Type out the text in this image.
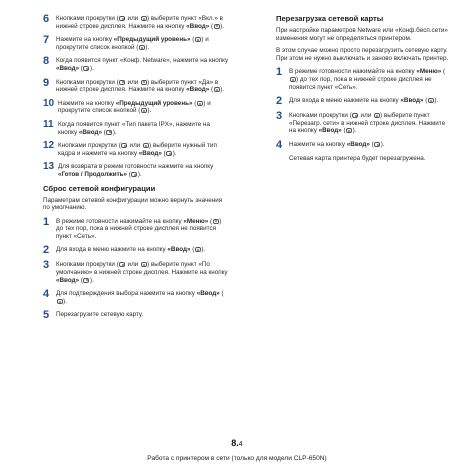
6	Кнопками прокрутки ( или ) выберите пункт «Вкл.» в нижней строке дисплея. Нажмите на кнопку «Ввод» ( ).
7	Нажмите на кнопку «Предыдущий уровень» ( ) и прокрутите список кнопкой ( ).
8	Когда появится пункт «Конф. Netware», нажмите на кнопку «Ввод» ( ).
9	Кнопками прокрутки ( или ) выберите пункт «Да» в нижней строке дисплея. Нажмите на кнопку «Ввод» ( ).
10 Нажмите на кнопку «Предыдущий уровень» ( ) и прокрутите список кнопкой ( ).
11 Когда появится пункт «Тип пакета IPX», нажмите на кнопку «Ввод» ( ).
12 Кнопками прокрутки ( или ) выберите нужный тип кадра и нажмите на кнопку «Ввод» ( ).
13 Для возврата в режим готовности нажмите на кнопку «Готов / Продолжить» ( ).
Сброс сетевой конфигурации
Параметрам сетевой конфигурации можно вернуть значения по умолчанию.
1	В режиме готовности нажимайте на кнопку «Меню» ( ) до тех пор, пока в нижней строке дисплея не появится пункт «Сеть».
2	Для входа в меню нажмите на кнопку «Ввод» ( ).
3	Кнопками прокрутки ( или ) выберите пункт «По умолчанию» в нижней строке дисплея. Нажмите на кнопку «Ввод» ( ).
4	Для подтверждения выбора нажмите на кнопку «Ввод» ().
5	Перезагрузите сетевую карту.
Перезагрузка сетевой карты
При настройке параметров Netware или «Конф.бесп.сети» изменения могут не определяться принтером.
В этом случае можно просто перезагрузить сетевую карту. При этом не нужно выключать и заново включать принтер.
1	В режиме готовности нажимайте на кнопку «Меню» () до тех пор, пока в нижней строке дисплея не появится пункт «Сеть».
2	Для входа в меню нажмите на кнопку «Ввод» ( ).
3	Кнопками прокрутки ( или ) выберите пункт «Перезагр. сети» в нижней строке дисплея. Нажмите на кнопку «Ввод» ( ).
4	Нажмите на кнопку «Ввод» ( ).
Сетевая карта принтера будет перезагружена.
8.4
Работа с принтером в сети (только для модели CLP-650N)
